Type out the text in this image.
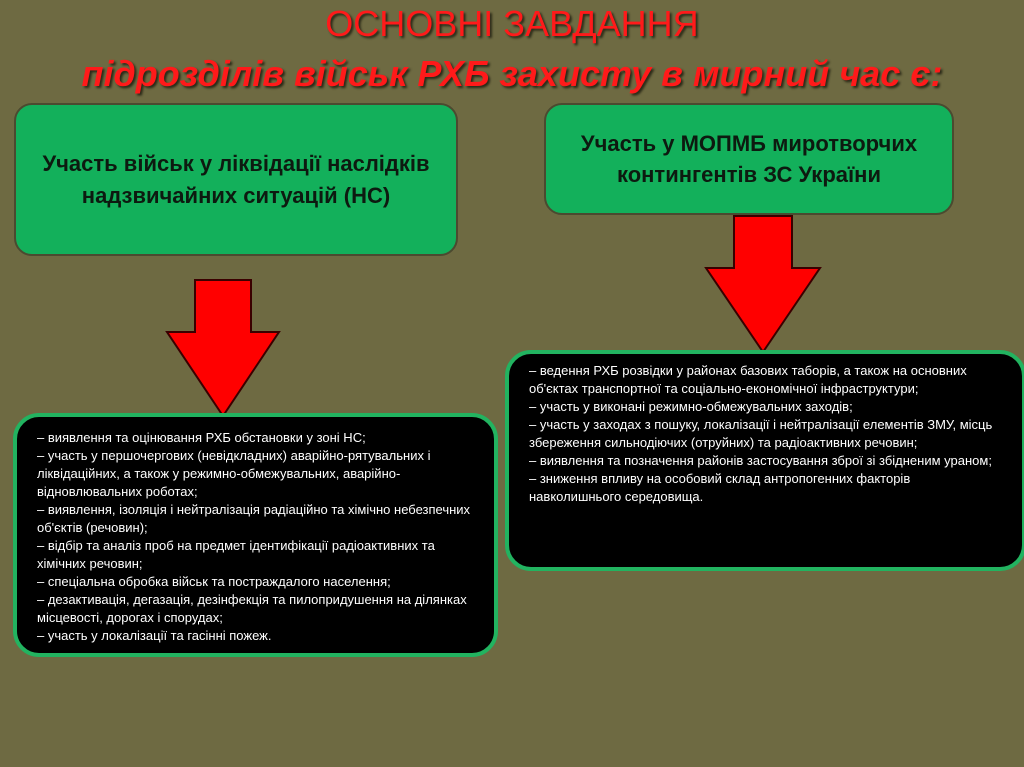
ОСНОВНІ ЗАВДАННЯ
підрозділів військ РХБ захисту в мирний час є:
Участь військ у ліквідації наслідків надзвичайних ситуацій (НС)
Участь у МОПМБ миротворчих контингентів ЗС України
– виявлення та оцінювання РХБ обстановки у зоні НС;
– участь у першочергових (невідкладних) аварійно-рятувальних і ліквідаційних, а також у режимно-обмежувальних, аварійно-відновлювальних роботах;
– виявлення, ізоляція і нейтралізація радіаційно та хімічно небезпечних об'єктів (речовин);
– відбір та аналіз проб на предмет ідентифікації радіоактивних та хімічних речовин;
– спеціальна обробка військ та постраждалого населення;
– дезактивація, дегазація, дезінфекція та пилопридушення на ділянках місцевості, дорогах і спорудах;
– участь у локалізації та гасінні пожеж.
– ведення РХБ розвідки у районах базових таборів, а також на основних об'єктах транспортної та соціально-економічної інфраструктури;
– участь у виконані режимно-обмежувальних заходів;
– участь у заходах з пошуку, локалізації і нейтралізації елементів ЗМУ, місць збереження сильнодіючих (отруйних) та радіоактивних речовин;
– виявлення та позначення районів застосування зброї зі збідненим ураном;
– зниження впливу на особовий склад антропогенних факторів навколишнього середовища.
